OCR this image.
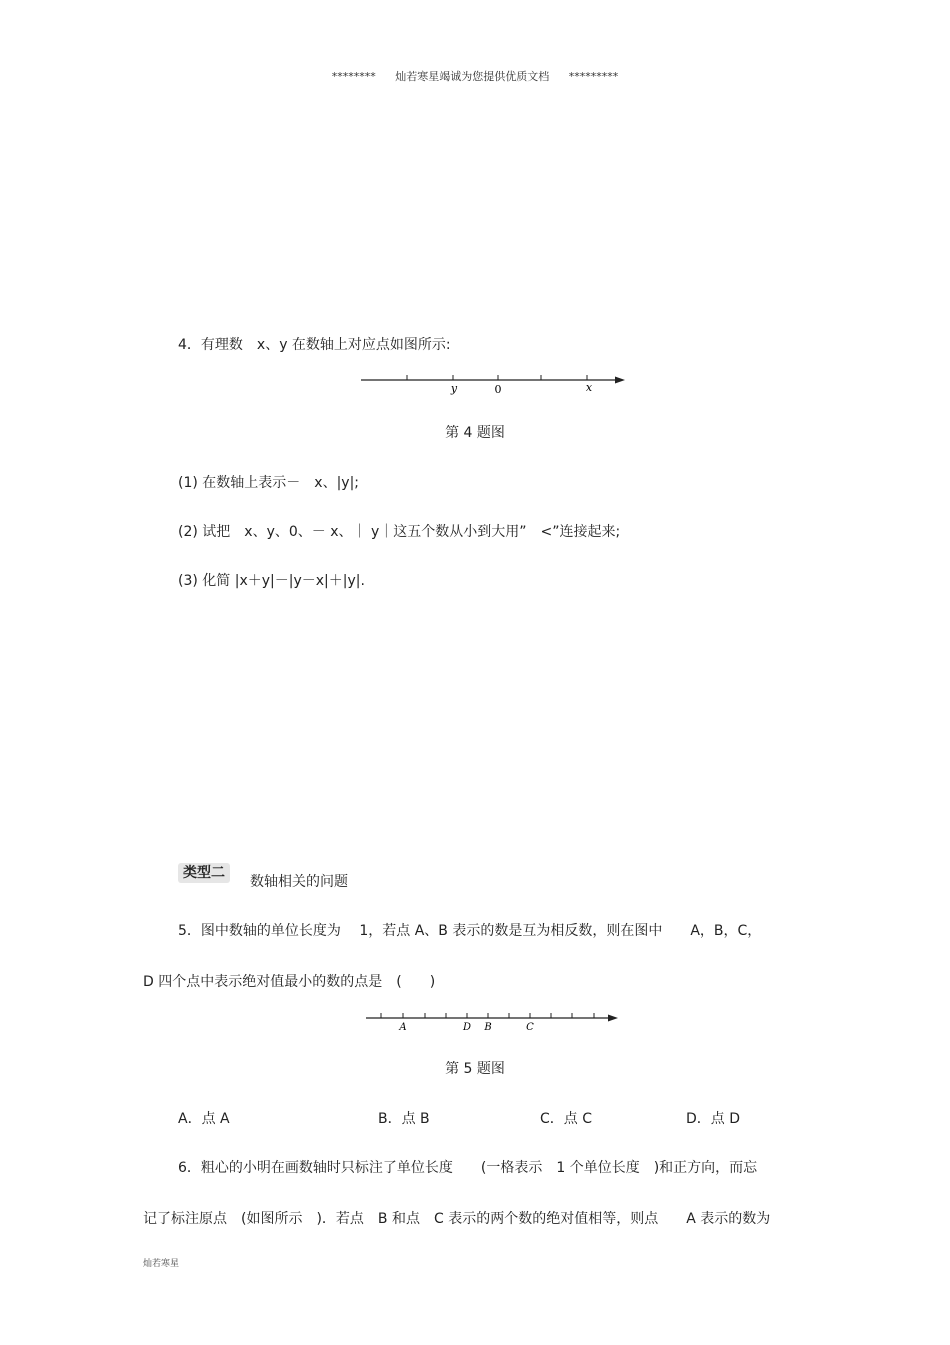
******** 灿若寒星竭诚为您提供优质文档 *********
4．有理数　x、y 在数轴上对应点如图所示:
y	0	x
第 4 题图
(1) 在数轴上表示－　x、|y|;
(2) 试把　x、y、0、－ x、｜ y｜这五个数从小到大用”　<”连接起来;
(3) 化简 |x＋y|－|y－x|＋|y|.
类型二
数轴相关的问题
5．图中数轴的单位长度为　 1，若点 A、B 表示的数是互为相反数，则在图中　　A，B，C，
D 四个点中表示绝对值最小的数的点是　(　　)
A	D B	C
第 5 题图
A．点 A	B．点 B	C．点 C	D．点 D
6．粗心的小明在画数轴时只标注了单位长度　　(一格表示　1 个单位长度　)和正方向，而忘
记了标注原点　(如图所示　)．若点　B 和点　C 表示的两个数的绝对值相等，则点　　A 表示的数为
灿若寒星
